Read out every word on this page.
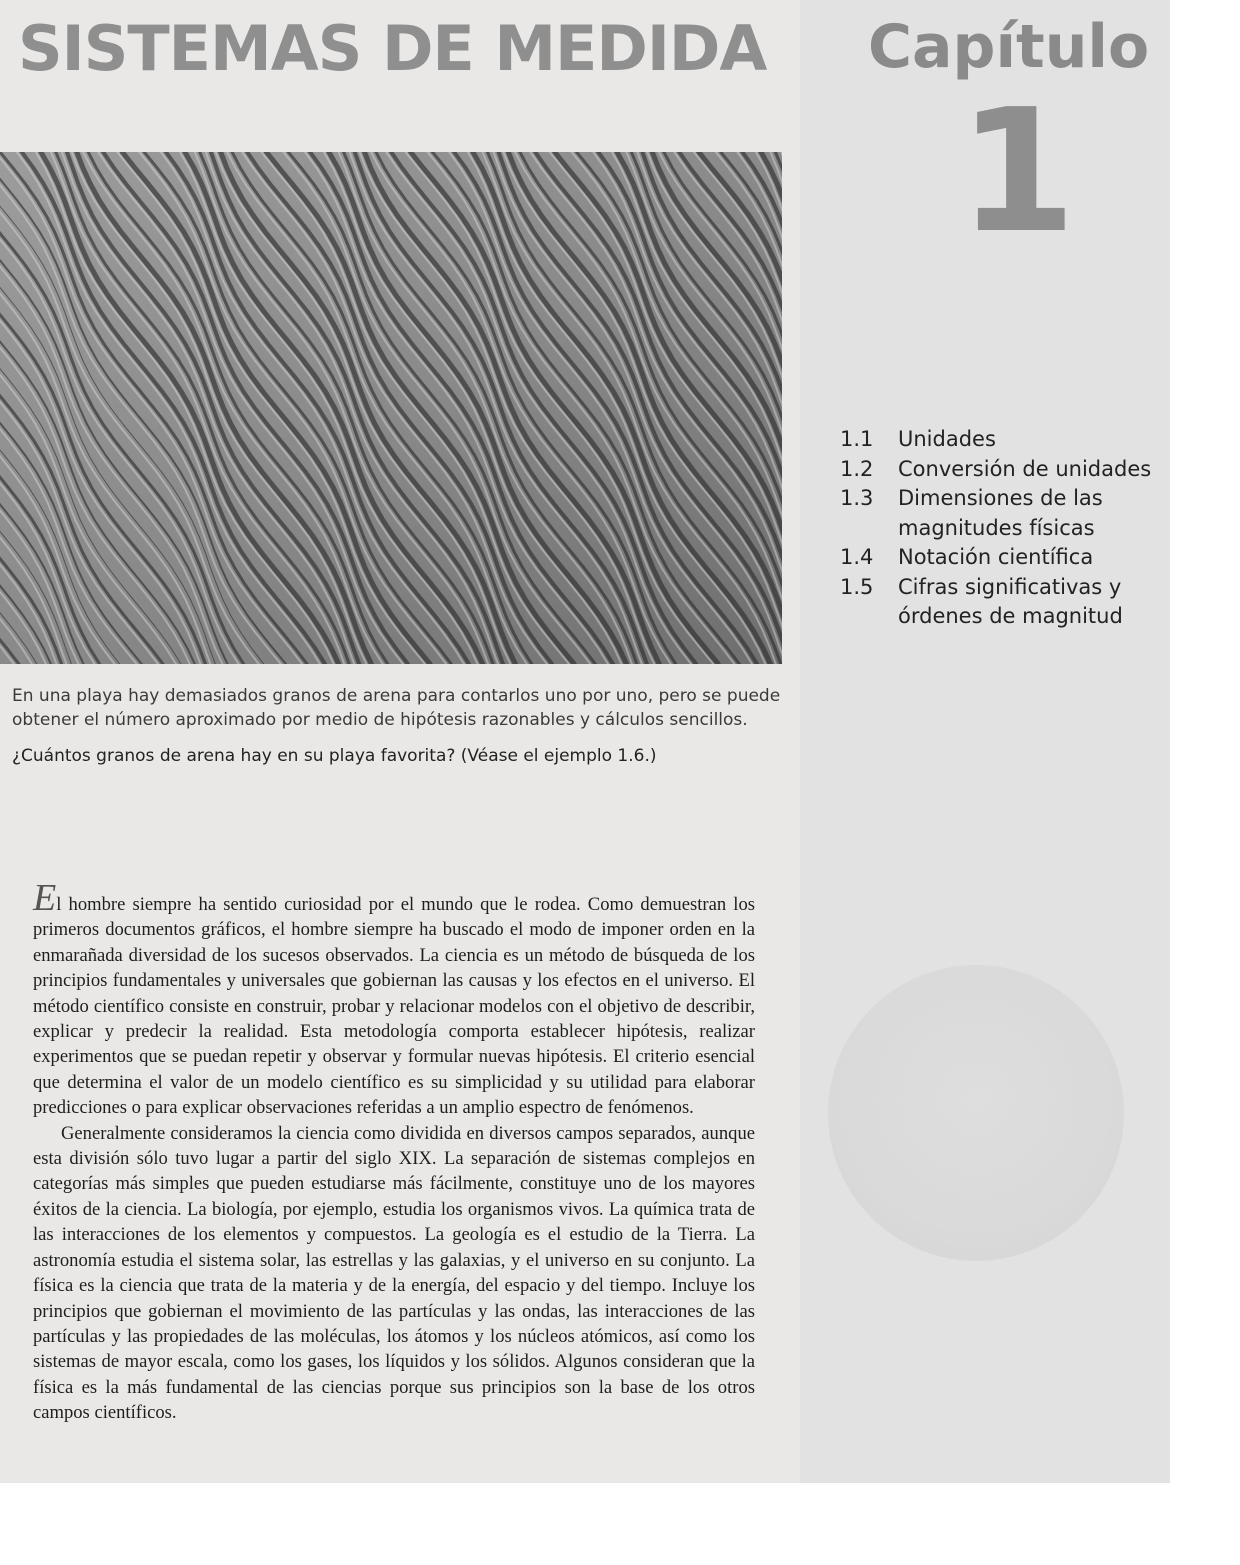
SISTEMAS DE MEDIDA Capítulo
1

En una playa hay demasiados granos de arena para contarlos uno por uno, pero se puede obtener el número aproximado por medio de hipótesis razonables y cálculos sencillos.

¿Cuántos granos de arena hay en su playa favorita? (Véase el ejemplo 1.6.)

1.1	Unidades
1.2	Conversión de unidades
1.3	Dimensiones de las magnitudes físicas
1.4	Notación científica
1.5	Cifras significativas y órdenes de magnitud

El hombre siempre ha sentido curiosidad por el mundo que le rodea. Como demuestran los primeros documentos gráficos, el hombre siempre ha buscado el modo de imponer orden en la enmarañada diversidad de los sucesos observados. La ciencia es un método de búsqueda de los principios fundamentales y universales que gobiernan las causas y los efectos en el universo. El método científico consiste en construir, probar y relacionar modelos con el objetivo de describir, explicar y predecir la realidad. Esta metodología comporta establecer hipótesis, realizar experimentos que se puedan repetir y observar y formular nuevas hipótesis. El criterio esencial que determina el valor de un modelo científico es su simplicidad y su utilidad para elaborar predicciones o para explicar observaciones referidas a un amplio espectro de fenómenos.

Generalmente consideramos la ciencia como dividida en diversos campos separados, aunque esta división sólo tuvo lugar a partir del siglo XIX. La separación de sistemas complejos en categorías más simples que pueden estudiarse más fácilmente, constituye uno de los mayores éxitos de la ciencia. La biología, por ejemplo, estudia los organismos vivos. La química trata de las interacciones de los elementos y compuestos. La geología es el estudio de la Tierra. La astronomía estudia el sistema solar, las estrellas y las galaxias, y el universo en su conjunto. La física es la ciencia que trata de la materia y de la energía, del espacio y del tiempo. Incluye los principios que gobiernan el movimiento de las partículas y las ondas, las interacciones de las partículas y las propiedades de las moléculas, los átomos y los núcleos atómicos, así como los sistemas de mayor escala, como los gases, los líquidos y los sólidos. Algunos consideran que la física es la más fundamental de las ciencias porque sus principios son la base de los otros campos científicos.
